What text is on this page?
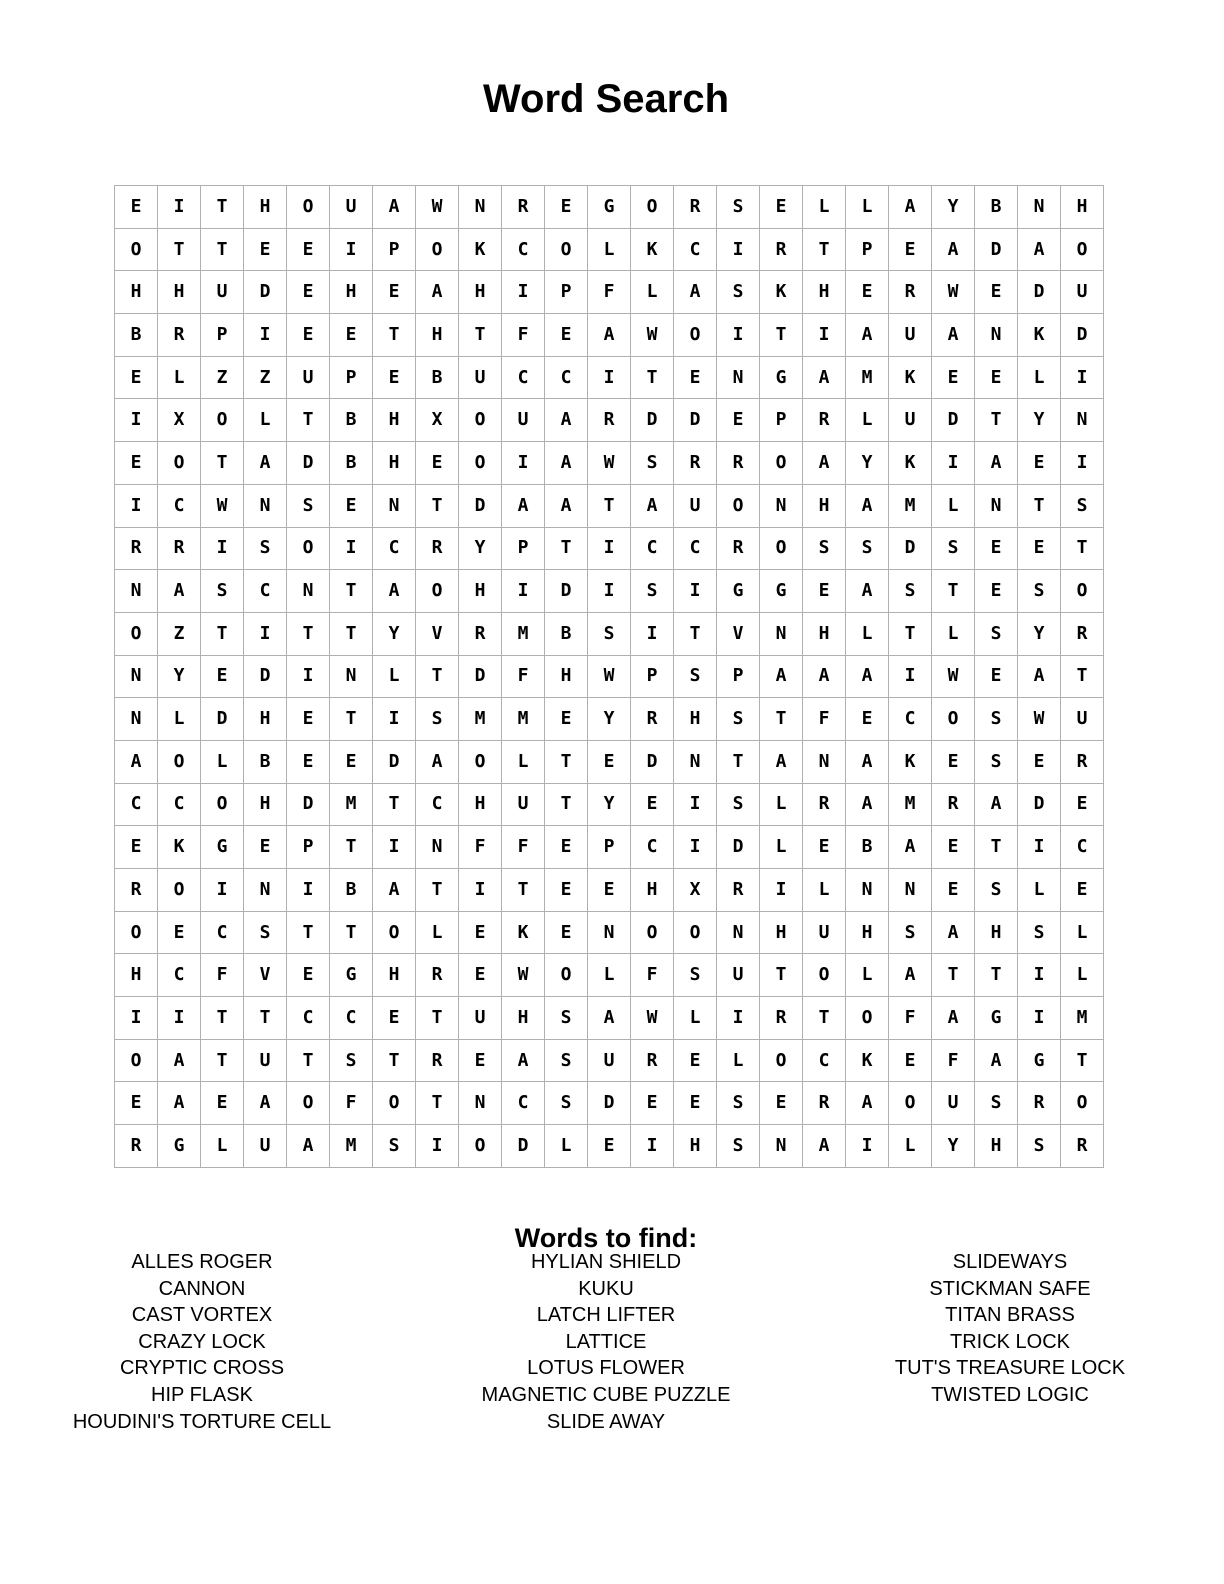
Word Search
E	I	T	H	O	U	A	W	N	R	E	G	O	R	S	E	L	L	A	Y	B	N	H
O	T	T	E	E	I	P	O	K	C	O	L	K	C	I	R	T	P	E	A	D	A	O
H	H	U	D	E	H	E	A	H	I	P	F	L	A	S	K	H	E	R	W	E	D	U
B	R	P	I	E	E	T	H	T	F	E	A	W	O	I	T	I	A	U	A	N	K	D
E	L	Z	Z	U	P	E	B	U	C	C	I	T	E	N	G	A	M	K	E	E	L	I
I	X	O	L	T	B	H	X	O	U	A	R	D	D	E	P	R	L	U	D	T	Y	N
E	O	T	A	D	B	H	E	O	I	A	W	S	R	R	O	A	Y	K	I	A	E	I
I	C	W	N	S	E	N	T	D	A	A	T	A	U	O	N	H	A	M	L	N	T	S
R	R	I	S	O	I	C	R	Y	P	T	I	C	C	R	O	S	S	D	S	E	E	T
N	A	S	C	N	T	A	O	H	I	D	I	S	I	G	G	E	A	S	T	E	S	O
O	Z	T	I	T	T	Y	V	R	M	B	S	I	T	V	N	H	L	T	L	S	Y	R
N	Y	E	D	I	N	L	T	D	F	H	W	P	S	P	A	A	A	I	W	E	A	T
N	L	D	H	E	T	I	S	M	M	E	Y	R	H	S	T	F	E	C	O	S	W	U
A	O	L	B	E	E	D	A	O	L	T	E	D	N	T	A	N	A	K	E	S	E	R
C	C	O	H	D	M	T	C	H	U	T	Y	E	I	S	L	R	A	M	R	A	D	E
E	K	G	E	P	T	I	N	F	F	E	P	C	I	D	L	E	B	A	E	T	I	C
R	O	I	N	I	B	A	T	I	T	E	E	H	X	R	I	L	N	N	E	S	L	E
O	E	C	S	T	T	O	L	E	K	E	N	O	O	N	H	U	H	S	A	H	S	L
H	C	F	V	E	G	H	R	E	W	O	L	F	S	U	T	O	L	A	T	T	I	L
I	I	T	T	C	C	E	T	U	H	S	A	W	L	I	R	T	O	F	A	G	I	M
O	A	T	U	T	S	T	R	E	A	S	U	R	E	L	O	C	K	E	F	A	G	T
E	A	E	A	O	F	O	T	N	C	S	D	E	E	S	E	R	A	O	U	S	R	O
R	G	L	U	A	M	S	I	O	D	L	E	I	H	S	N	A	I	L	Y	H	S	R
Words to find:
ALLES ROGER
CANNON
CAST VORTEX
CRAZY LOCK
CRYPTIC CROSS
HIP FLASK
HOUDINI'S TORTURE CELL
HYLIAN SHIELD
KUKU
LATCH LIFTER
LATTICE
LOTUS FLOWER
MAGNETIC CUBE PUZZLE
SLIDE AWAY
SLIDEWAYS
STICKMAN SAFE
TITAN BRASS
TRICK LOCK
TUT'S TREASURE LOCK
TWISTED LOGIC
